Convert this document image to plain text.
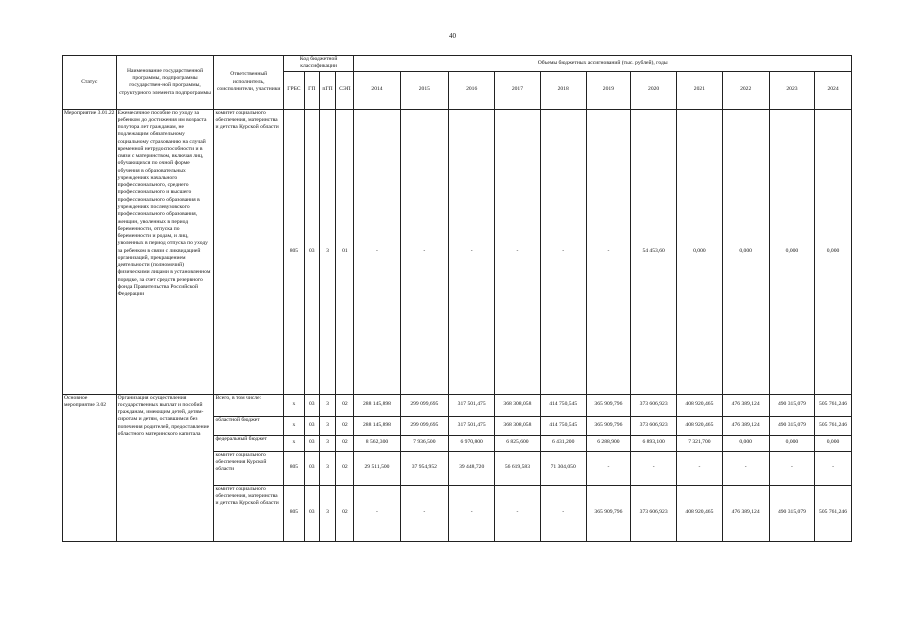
40
Статус	Наименование государственной программы, подпрограммы государствен-ной программы, структурного элемента подпрограммы	Ответственный исполнитель, соисполнители, участники	Код бюджетной классификации				Объемы бюджетных ассигнований (тыс. рублей), годы										
			ГРБС	ГП	пГП	СЭП	2014	2015	2016	2017	2018	2019	2020	2021	2022	2023	2024
Мероприятие 3.01.22	Ежемесячное пособие по уходу за ребенком до достижения им возраста полутора лет гражданам, не подлежащим обязательному социальному страхованию на случай временной нетрудоспособности и в связи с материнством, включая лиц, обучающихся по очной форме обучения в образовательных учреждениях начального профессионального, среднего профессионального и высшего профессионального образования в учреждениях послевузовского профессионального образования, женщин, уволенных в период беременности, отпуска по беременности и родам, и лиц, уволенных в период отпуска по уходу за ребенком в связи с ликвидацией организаций, прекращением деятельности (полномочий) физическими лицами в установленном порядке, за счет средств резервного фонда Правительства Российской Федерации	комитет социального обеспечения, материнства и детства Курской области	805	03	3	01	-	-	-	-	-	-	54 453,60	0,000	0,000	0,000	0,000
Основное мероприятие 3.02	Организация осуществления государственных выплат и пособий гражданам, имеющим детей, детям-сиротам и детям, оставшимся без попечения родителей, предоставление областного материнского капитала	Всего, в том числе:	х	03	3	02	288 145,898	299 099,695	317 501,475	368 308,058	414 750,545	365 909,796	373 606,923	408 920,465	476 389,124	490 315,079	505 761,246
		областной бюджет	х	03	3	02	288 145,898	299 099,695	317 501,475	368 308,058	414 750,545	365 909,796	373 606,923	408 920,465	476 389,124	490 315,079	505 761,246
		федеральный бюджет	х	03	3	02	8 562,300	7 936,500	6 970,800	6 825,600	6 431,200	6 288,900	6 893,100	7 321,700	0,000	0,000	0,000
		комитет социального обеспечения Курской области	805	03	3	02	29 511,500	37 954,952	39 448,720	56 619,583	71 304,050	-	-	-	-	-	-
		комитет социального обеспечения, материнства и детства Курской области	805	03	3	02	-	-	-	-	-	365 909,796	373 606,923	408 920,465	476 389,124	490 315,079	505 761,246
